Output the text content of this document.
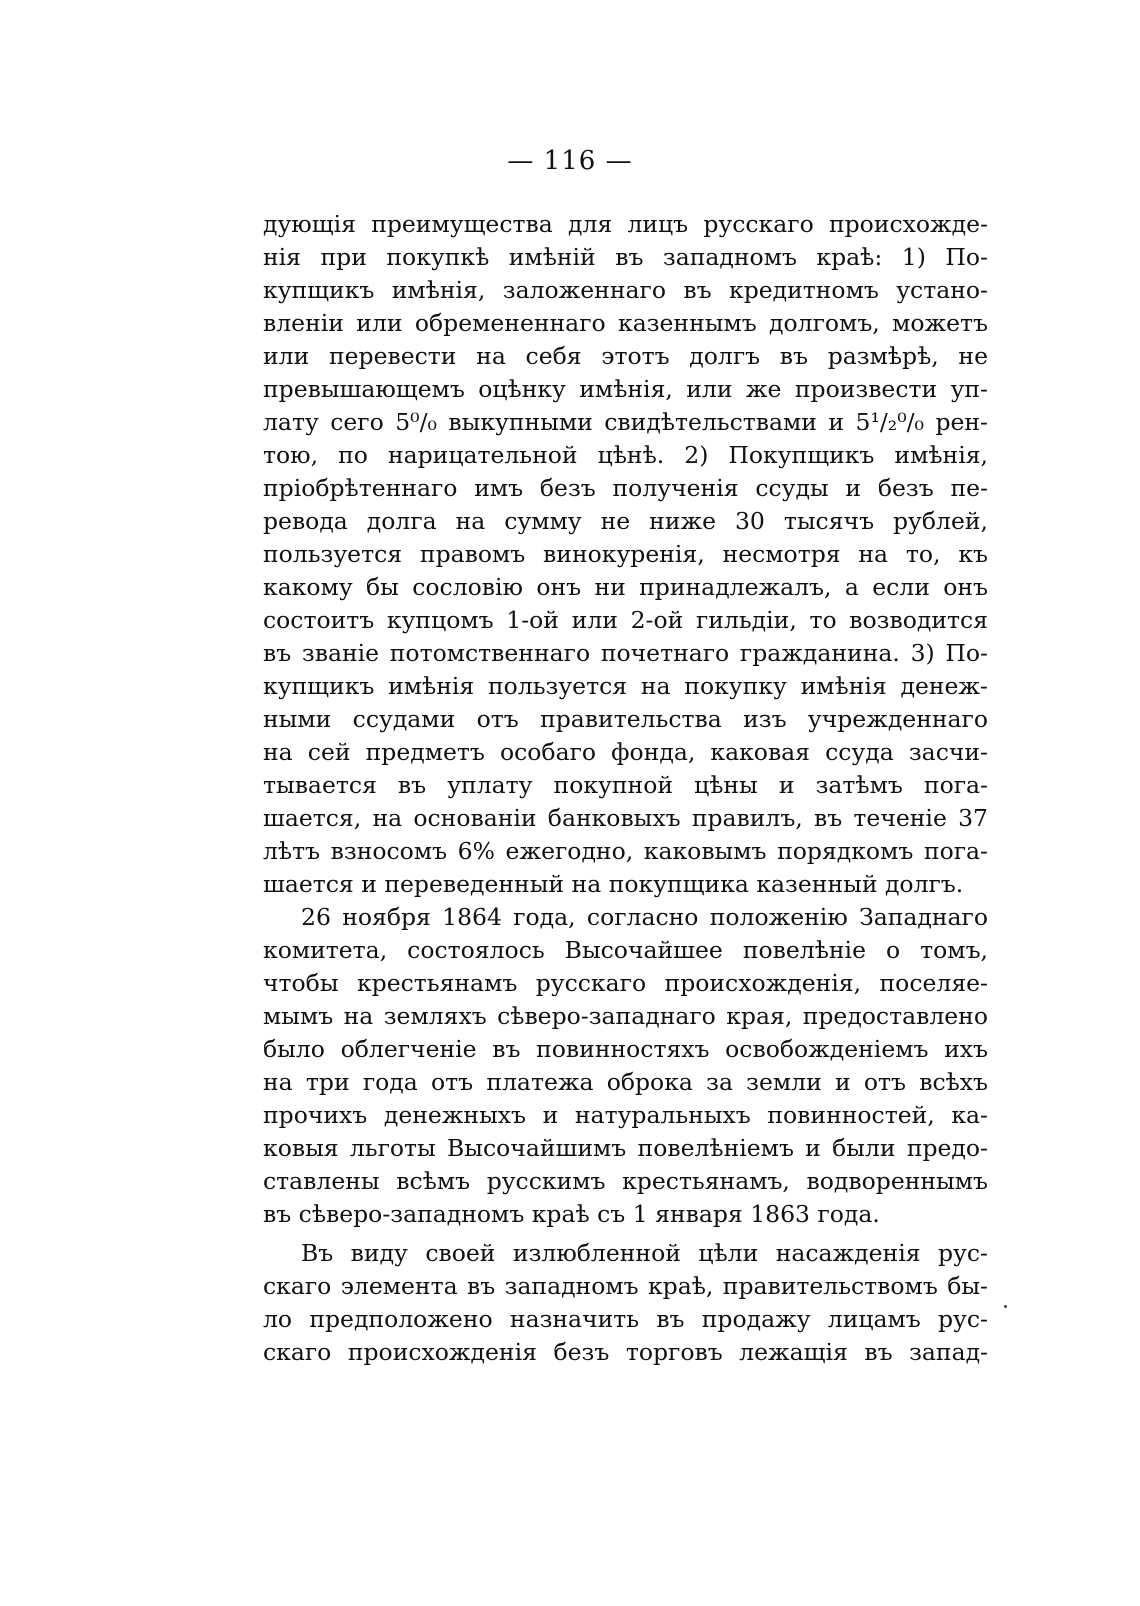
— 116 —
дующія преимущества для лицъ русскаго происхожде-
нія при покупкѣ имѣній въ западномъ краѣ: 1) По-
купщикъ имѣнія, заложеннаго въ кредитномъ устано-
вленіи или обремененнаго казеннымъ долгомъ, можетъ
или перевести на себя этотъ долгъ въ размѣрѣ, не
превышающемъ оцѣнку имѣнія, или же произвести уп-
лату сего 5⁰/₀ выкупными свидѣтельствами и 5¹/₂⁰/₀ рен-
тою, по нарицательной цѣнѣ. 2) Покупщикъ имѣнія,
пріобрѣтеннаго имъ безъ полученія ссуды и безъ пе-
ревода долга на сумму не ниже 30 тысячъ рублей,
пользуется правомъ винокуренія, несмотря на то, къ
какому бы сословію онъ ни принадлежалъ, а если онъ
состоитъ купцомъ 1-ой или 2-ой гильдіи, то возводится
въ званіе потомственнаго почетнаго гражданина. 3) По-
купщикъ имѣнія пользуется на покупку имѣнія денеж-
ными ссудами отъ правительства изъ учрежденнаго
на сей предметъ особаго фонда, каковая ссуда засчи-
тывается въ уплату покупной цѣны и затѣмъ пога-
шается, на основаніи банковыхъ правилъ, въ теченіе 37
лѣтъ взносомъ 6% ежегодно, каковымъ порядкомъ пога-
шается и переведенный на покупщика казенный долгъ.
26 ноября 1864 года, согласно положенію Западнаго
комитета, состоялось Высочайшее повелѣніе о томъ,
чтобы крестьянамъ русскаго происхожденія, поселяе-
мымъ на земляхъ сѣверо-западнаго края, предоставлено
было облегченіе въ повинностяхъ освобожденіемъ ихъ
на три года отъ платежа оброка за земли и отъ всѣхъ
прочихъ денежныхъ и натуральныхъ повинностей, ка-
ковыя льготы Высочайшимъ повелѣніемъ и были предо-
ставлены всѣмъ русскимъ крестьянамъ, водвореннымъ
въ сѣверо-западномъ краѣ съ 1 января 1863 года.
Въ виду своей излюбленной цѣли насажденія рус-
скаго элемента въ западномъ краѣ, правительствомъ бы-
ло предположено назначить въ продажу лицамъ рус-
скаго происхожденія безъ торговъ лежащія въ запад-
